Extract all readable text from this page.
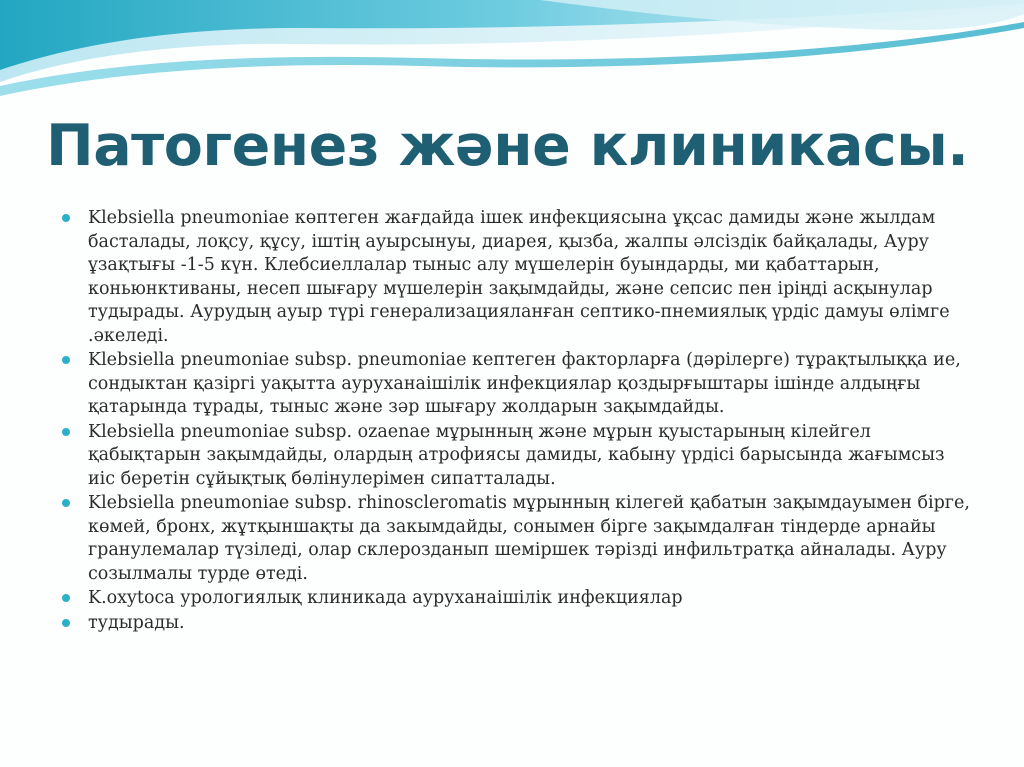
Патогенез және клиникасы.
Klebsiella pneumoniae көптеген жағдайда ішек инфекциясына ұқсас дамиды және жылдам басталады, лоқсу, құсу, іштің ауырсынуы, диарея, қызба, жалпы әлсіздік байқалады, Ауру ұзақтығы -1-5 күн. Клебсиеллалар тыныс алу мүшелерін буындарды, ми қабаттарын, коньюнктиваны, несеп шығару мүшелерін зақымдайды, және сепсис пен іріңді асқынулар тудырады. Аурудың ауыр түрі генерализацияланған септико-пнемиялық үрдіс дамуы өлімге .әкеледі.
Klebsiella pneumoniae subsp. pneumoniae кептеген факторларға (дәрілерге) тұрақтылыққа ие, сондыктан қазіргі уақытта ауруханаішілік инфекциялар қоздырғыштары ішінде алдыңғы қатарында тұрады, тыныс және зәр шығару жолдарын зақымдайды.
Klebsiella pneumoniae subsp. ozaenae мұрынның және мұрын қуыстарының кілейгел қабықтарын зақымдайды, олардың атрофиясы дамиды, кабыну үрдісі барысында жағымсыз иіс беретін сұйықтық бөлінулерімен сипатталады.
Klebsiella pneumoniae subsp. rhinoscleromatis мұрынның кілегей қабатын зақымдауымен бірге, көмей, бронх, жұтқыншақты да закымдайды, сонымен бірге зақымдалған тіндерде арнайы гранулемалар түзіледі, олар склерозданып шеміршек тәрізді инфильтратқа айналады. Ауру созылмалы турде өтеді.
K.oxytoca урологиялық клиникада ауруханаішілік инфекциялар
тудырады.
